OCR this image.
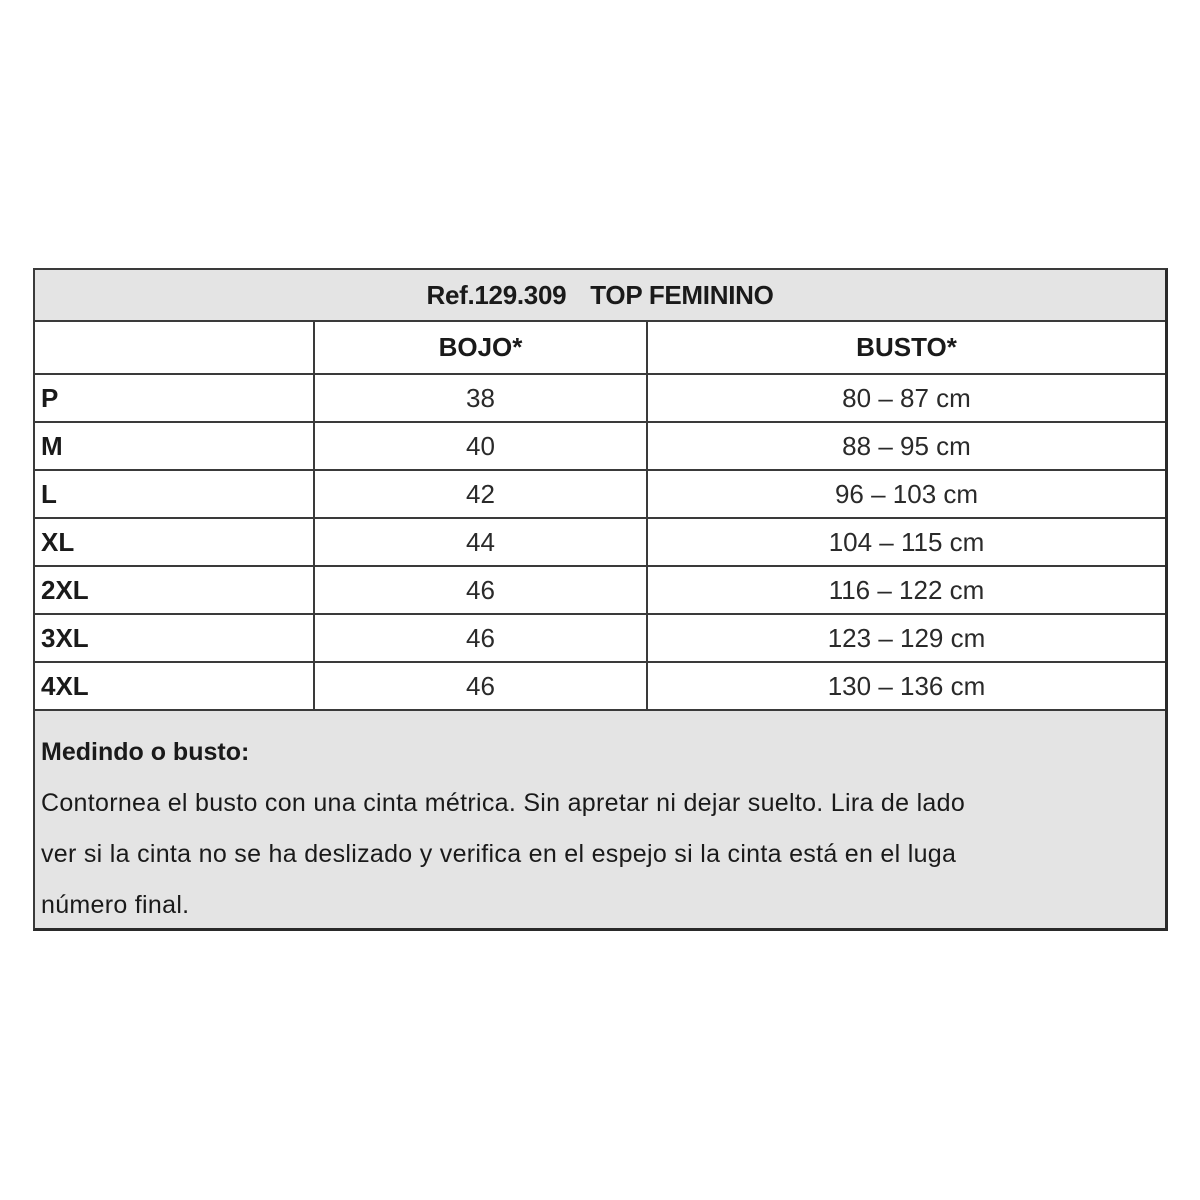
Ref.129.309 TOP FEMININO
	BOJO*	BUSTO*
P	38	80 – 87 cm
M	40	88 – 95 cm
L	42	96 – 103 cm
XL	44	104 – 115 cm
2XL	46	116 – 122 cm
3XL	46	123 – 129 cm
4XL	46	130 – 136 cm
Medindo o busto:
Contornea el busto con una cinta métrica. Sin apretar ni dejar suelto. Lira de lado
ver si la cinta no se ha deslizado y verifica en el espejo si la cinta está en el luga
número final.
